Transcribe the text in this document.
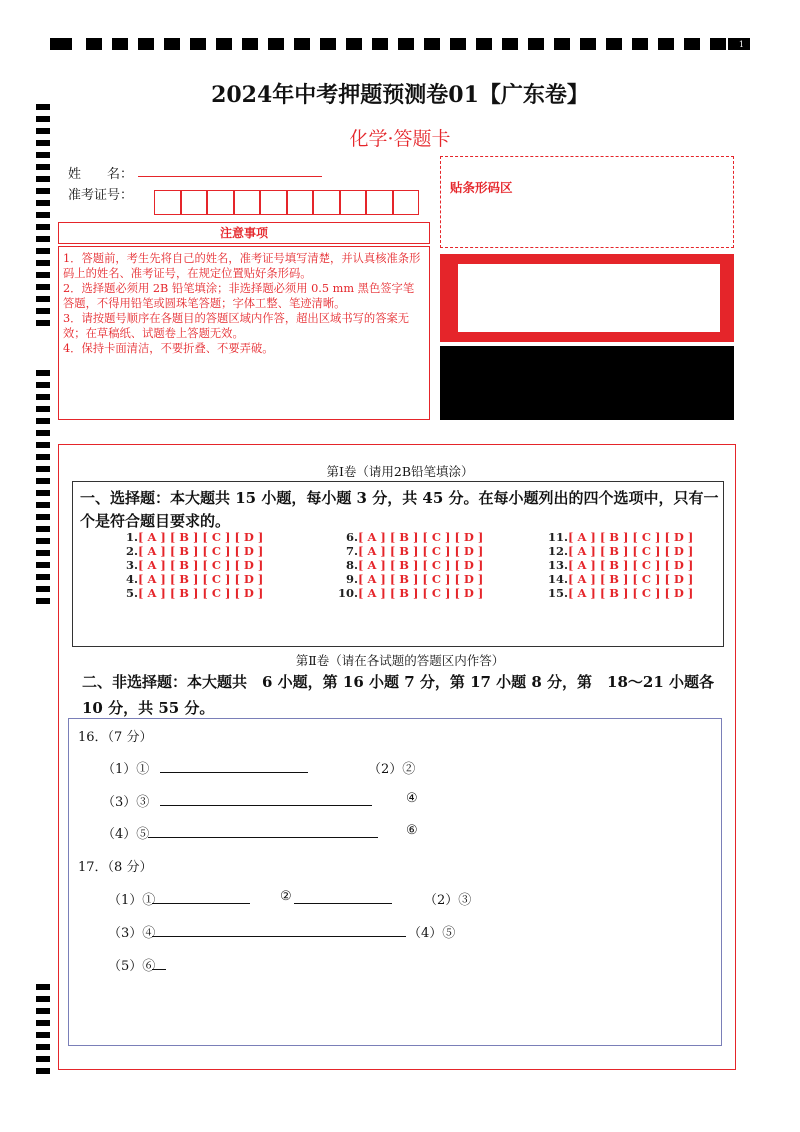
1
2024年中考押题预测卷01【广东卷】
化学·答题卡
姓　　名：
准考证号：
注意事项

1．答题前，考生先将自己的姓名，准考证号填写清楚，并认真核准条形码上的姓名、准考证号，在规定位置贴好条形码。

2．选择题必须用 2B 铅笔填涂；非选择题必须用 0.5 mm 黑色签字笔答题，不得用铅笔或圆珠笔答题；字体工整、笔迹清晰。

3．请按题号顺序在各题目的答题区域内作答，超出区域书写的答案无效；在草稿纸、试题卷上答题无效。

4．保持卡面清洁，不要折叠、不要弄破。

贴条形码区
第Ⅰ卷（请用2B铅笔填涂）
一、选择题：本大题共 15 小题，每小题 3 分，共 45 分。在每小题列出的四个选项中，只有一个是符合题目要求的。
1.[ A ] [ B ] [ C ] [ D ]
2.[ A ] [ B ] [ C ] [ D ]
3.[ A ] [ B ] [ C ] [ D ]
4.[ A ] [ B ] [ C ] [ D ]
5.[ A ] [ B ] [ C ] [ D ]
6.[ A ] [ B ] [ C ] [ D ]
7.[ A ] [ B ] [ C ] [ D ]
8.[ A ] [ B ] [ C ] [ D ]
9.[ A ] [ B ] [ C ] [ D ]
10.[ A ] [ B ] [ C ] [ D ]
11.[ A ] [ B ] [ C ] [ D ]
12.[ A ] [ B ] [ C ] [ D ]
13.[ A ] [ B ] [ C ] [ D ]
14.[ A ] [ B ] [ C ] [ D ]
15.[ A ] [ B ] [ C ] [ D ]
第Ⅱ卷（请在各试题的答题区内作答）
二、非选择题：本大题共　6 小题，第 16 小题 7 分，第 17 小题 8 分，第　18～21 小题各　10 分，共 55 分。
16．（7 分）
（1）①	（2）②
（3）③	④
（4）⑤	⑥
17．（8 分）
（1）①	②	（2）③
（3）④	（4）⑤
（5）⑥
